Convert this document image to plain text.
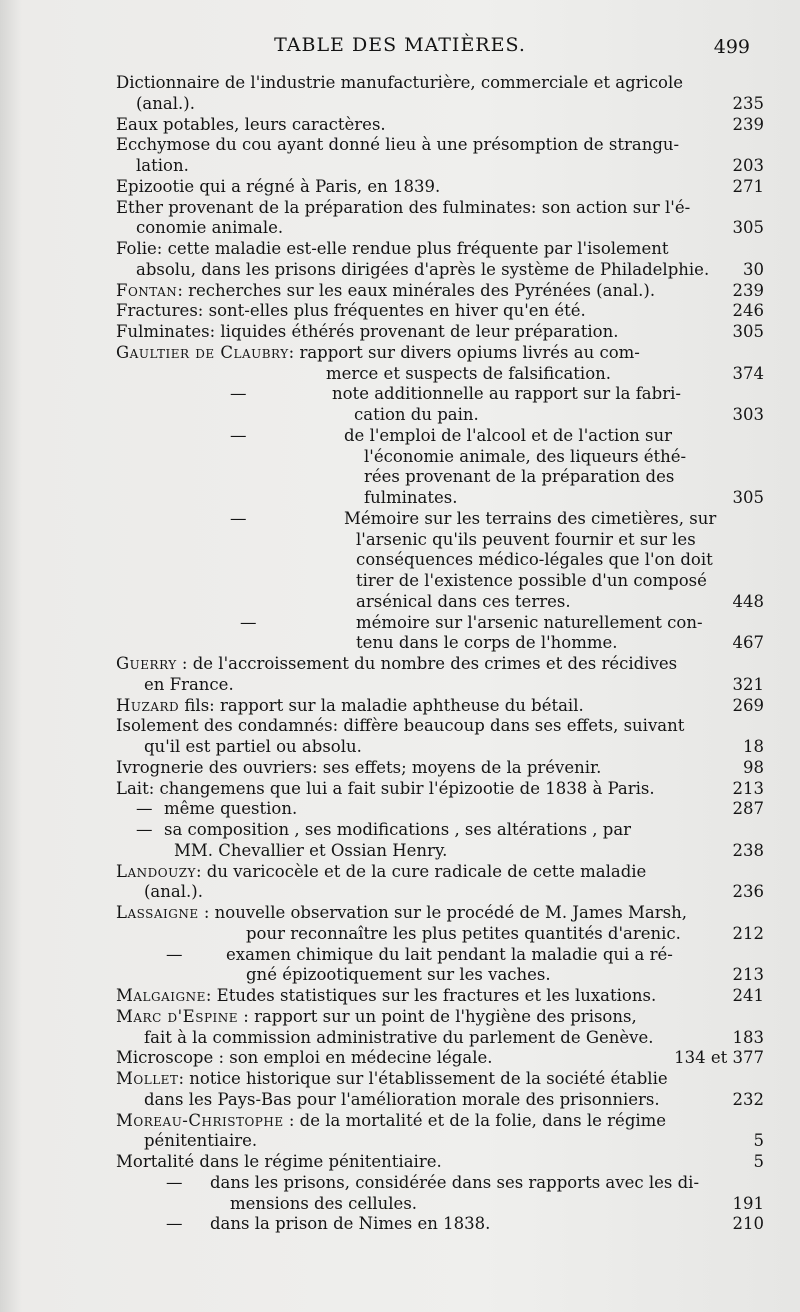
TABLE DES MATIÈRES.	499
Dictionnaire de l'industrie manufacturière, commerciale et agricole
(anal.).	235
Eaux potables, leurs caractères.	239
Ecchymose du cou ayant donné lieu à une présomption de strangu-
lation.	203
Epizootie qui a régné à Paris, en 1839.	271
Ether provenant de la préparation des fulminates: son action sur l'é-
conomie animale.	305
Folie: cette maladie est-elle rendue plus fréquente par l'isolement
absolu, dans les prisons dirigées d'après le système de Philadelphie. 30
Fontan: recherches sur les eaux minérales des Pyrénées (anal.).	239
Fractures: sont-elles plus fréquentes en hiver qu'en été.	246
Fulminates: liquides éthérés provenant de leur préparation.	305
Gaultier de Claubry: rapport sur divers opiums livrés au com-
merce et suspects de falsification.	374
—	note additionnelle au rapport sur la fabri-
cation du pain.	303
—	de l'emploi de l'alcool et de l'action sur
l'économie animale, des liqueurs éthé-
rées provenant de la préparation des
fulminates.	305
—	Mémoire sur les terrains des cimetières, sur
l'arsenic qu'ils peuvent fournir et sur les
conséquences médico-légales que l'on doit
tirer de l'existence possible d'un composé
arsénical dans ces terres.	448
—	mémoire sur l'arsenic naturellement con-
tenu dans le corps de l'homme.	467
Guerry : de l'accroissement du nombre des crimes et des récidives
en France.	321
Huzard fils: rapport sur la maladie aphtheuse du bétail.	269
Isolement des condamnés: diffère beaucoup dans ses effets, suivant
qu'il est partiel ou absolu.	18
Ivrognerie des ouvriers: ses effets; moyens de la prévenir.	98
Lait: changemens que lui a fait subir l'épizootie de 1838 à Paris.	213
— même question.	287
— sa composition , ses modifications , ses altérations , par
MM. Chevallier et Ossian Henry.	238
Landouzy: du varicocèle et de la cure radicale de cette maladie
(anal.).	236
Lassaigne : nouvelle observation sur le procédé de M. James Marsh,
pour reconnaître les plus petites quantités d'arenic.	212
—	examen chimique du lait pendant la maladie qui a ré-
gné épizootiquement sur les vaches.	213
Malgaigne: Etudes statistiques sur les fractures et les luxations.	241
Marc d'Espine : rapport sur un point de l'hygiène des prisons,
fait à la commission administrative du parlement de Genève.	183
Microscope : son emploi en médecine légale.	134 et 377
Mollet: notice historique sur l'établissement de la société établie
dans les Pays-Bas pour l'amélioration morale des prisonniers.	232
Moreau-Christophe : de la mortalité et de la folie, dans le régime
pénitentiaire.	5
Mortalité dans le régime pénitentiaire.	5
— dans les prisons, considérée dans ses rapports avec les di-
mensions des cellules.	191
— dans la prison de Nimes en 1838.	210
